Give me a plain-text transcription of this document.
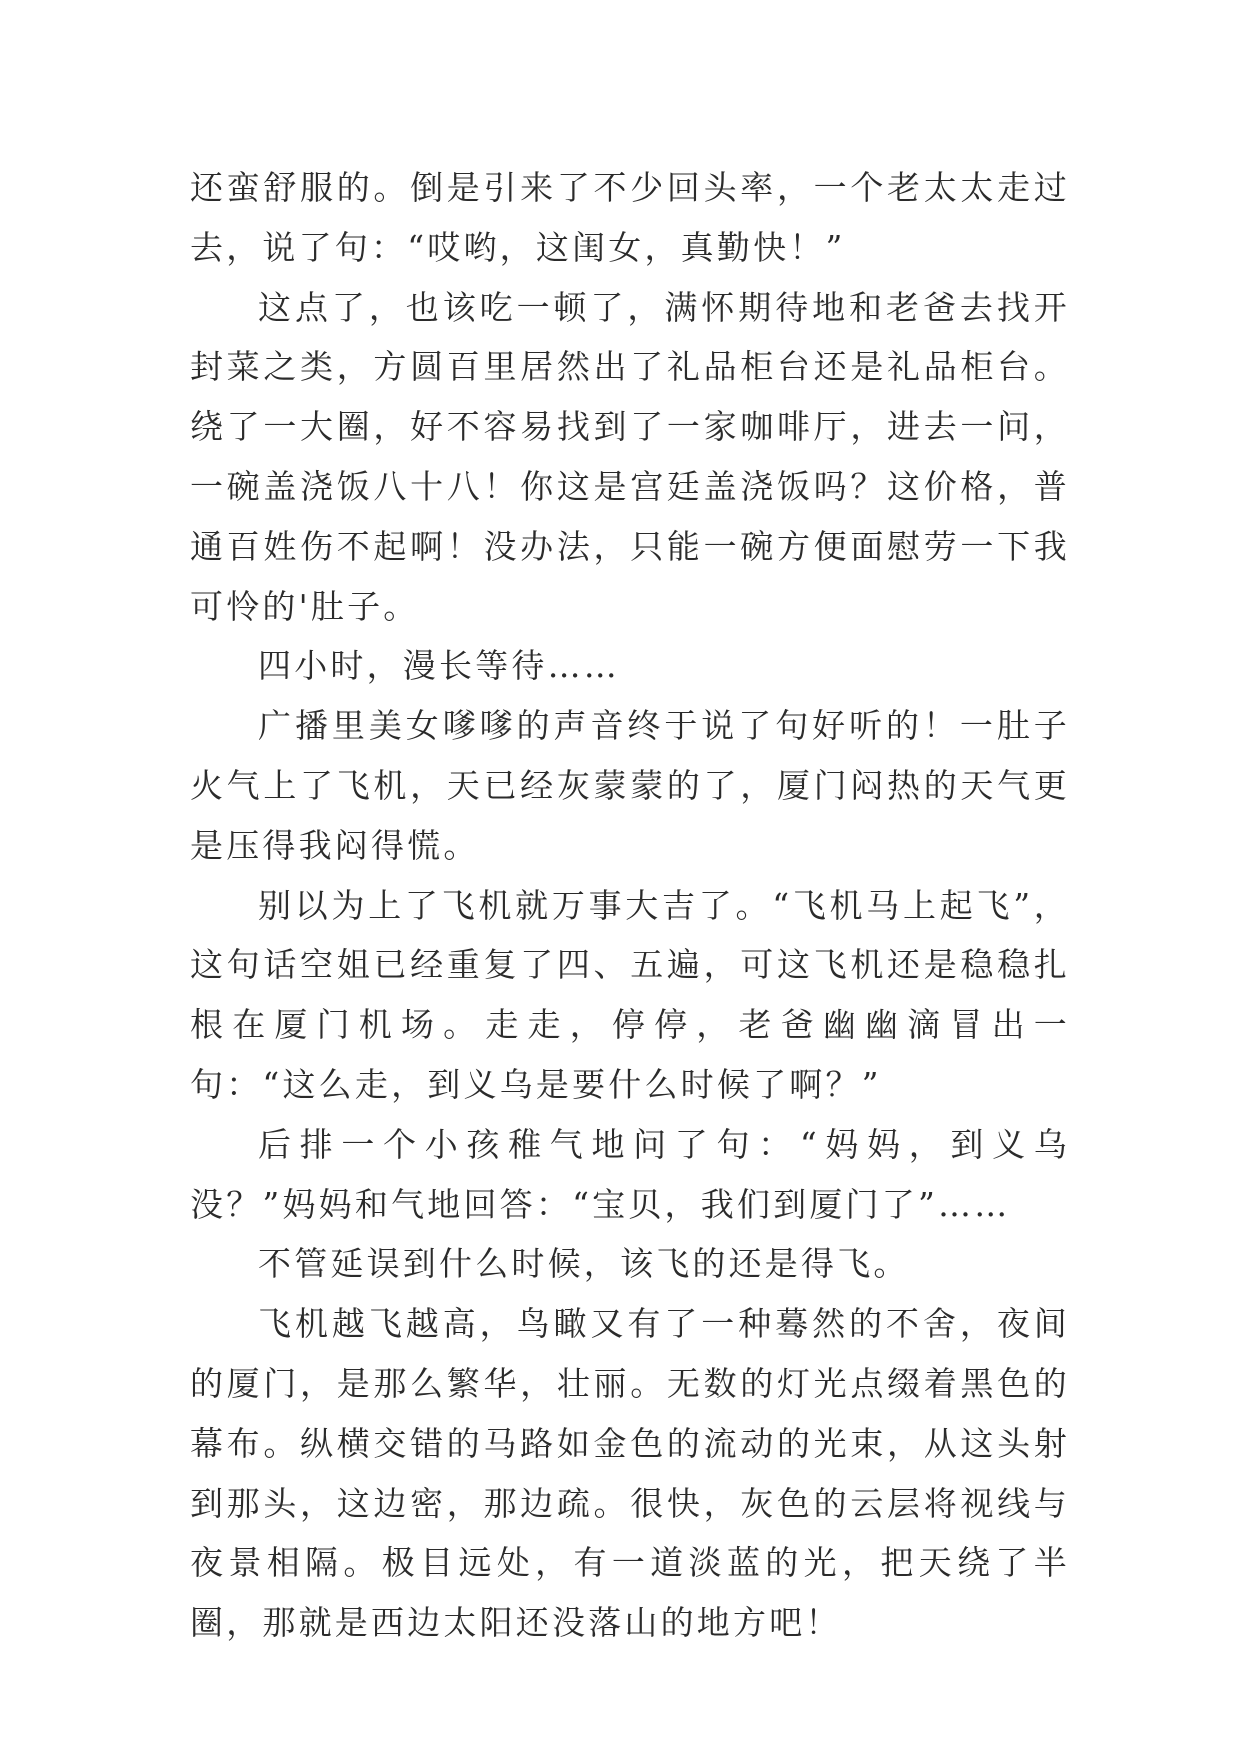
还蛮舒服的。倒是引来了不少回头率，一个老太太走过去，说了句：“哎哟，这闺女，真勤快！”

这点了，也该吃一顿了，满怀期待地和老爸去找开封菜之类，方圆百里居然出了礼品柜台还是礼品柜台。绕了一大圈，好不容易找到了一家咖啡厅，进去一问，一碗盖浇饭八十八！你这是宫廷盖浇饭吗？这价格，普通百姓伤不起啊！没办法，只能一碗方便面慰劳一下我可怜的'肚子。

四小时，漫长等待……

广播里美女嗲嗲的声音终于说了句好听的！一肚子火气上了飞机，天已经灰蒙蒙的了，厦门闷热的天气更是压得我闷得慌。

别以为上了飞机就万事大吉了。“飞机马上起飞”，这句话空姐已经重复了四、五遍，可这飞机还是稳稳扎根在厦门机场。走走，停停，老爸幽幽滴冒出一句：“这么走，到义乌是要什么时候了啊？”

后排一个小孩稚气地问了句：“妈妈，到义乌没？”妈妈和气地回答：“宝贝，我们到厦门了”……

不管延误到什么时候，该飞的还是得飞。

飞机越飞越高，鸟瞰又有了一种蓦然的不舍，夜间的厦门，是那么繁华，壮丽。无数的灯光点缀着黑色的幕布。纵横交错的马路如金色的流动的光束，从这头射到那头，这边密，那边疏。很快，灰色的云层将视线与夜景相隔。极目远处，有一道淡蓝的光，把天绕了半圈，那就是西边太阳还没落山的地方吧！
